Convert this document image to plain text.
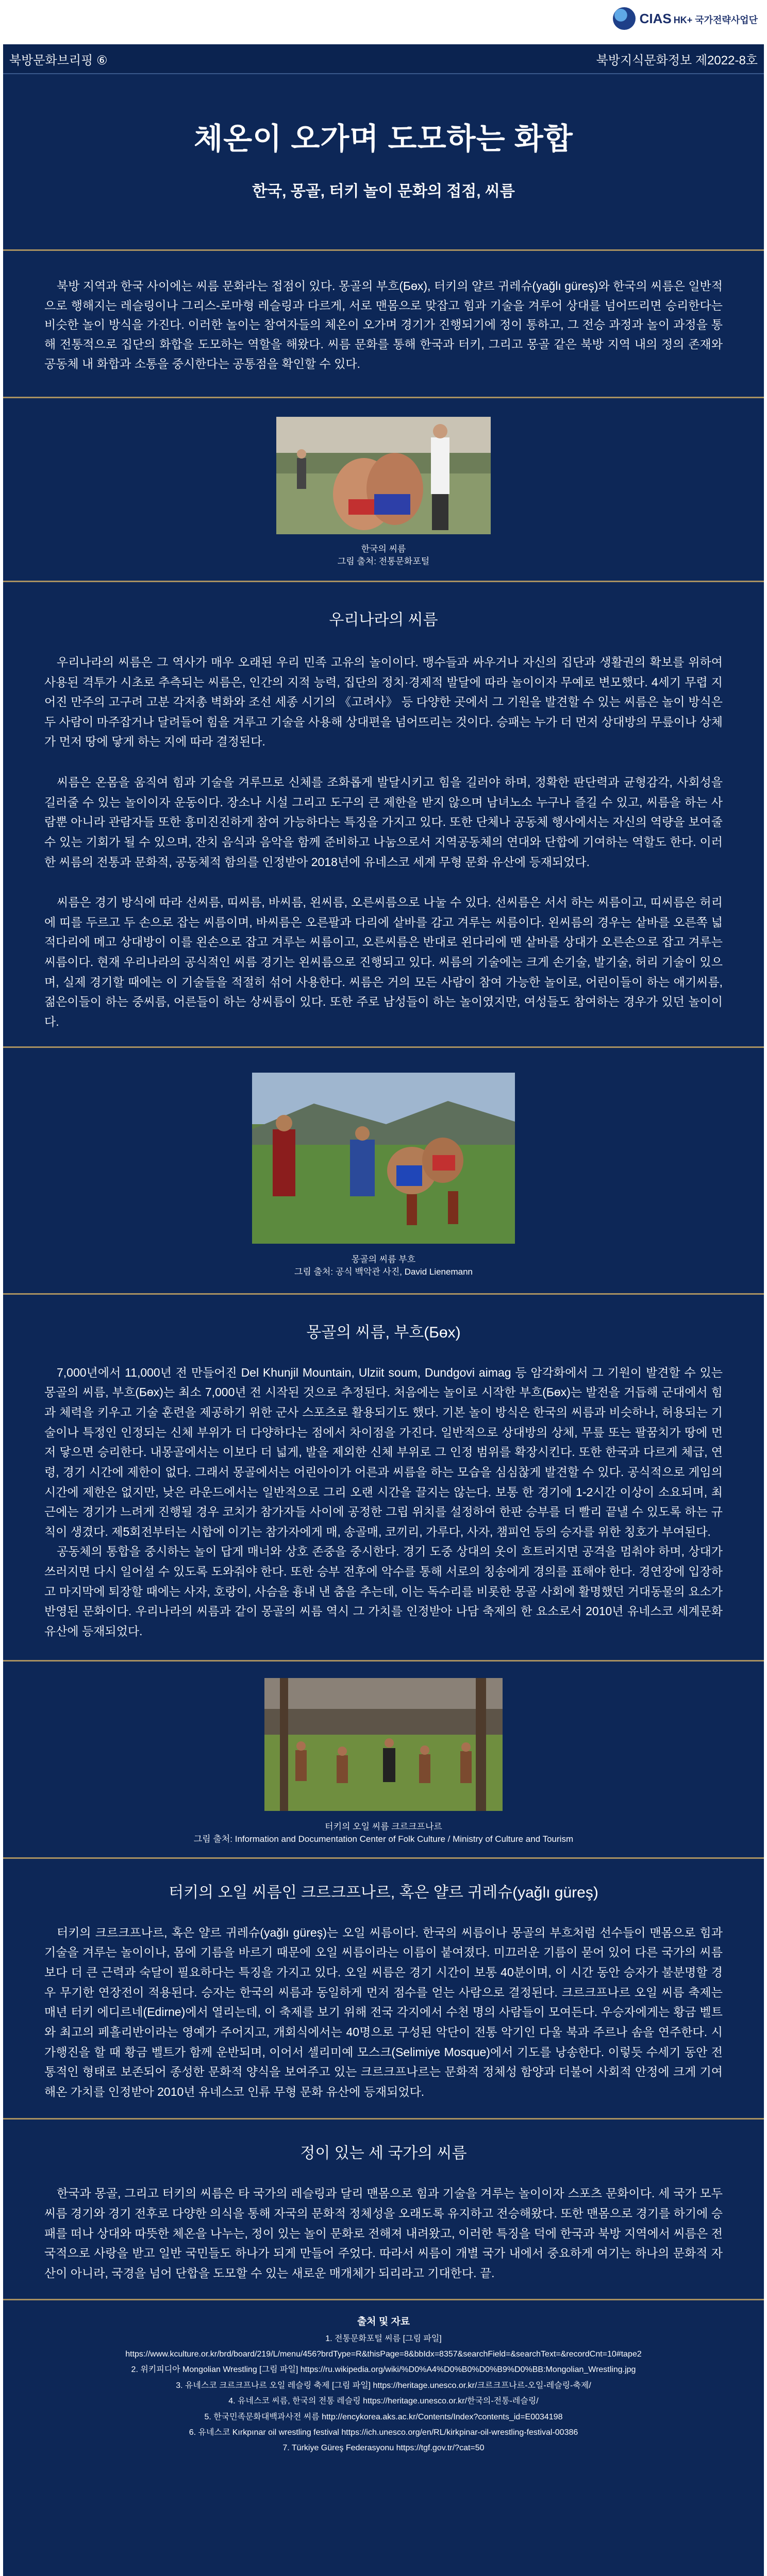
CIAS HK+ 국가전략사업단
북방문화브리핑 ⑥	북방지식문화정보 제2022-8호
체온이 오가며 도모하는 화합
한국, 몽골, 터키 놀이 문화의 접점, 씨름

북방 지역과 한국 사이에는 씨름 문화라는 접점이 있다. 몽골의 부흐(Бөх), 터키의 얄르 귀레슈(yağlı güreş)와 한국의 씨름은 일반적으로 행해지는 레슬링이나 그리스-로마형 레슬링과 다르게, 서로 맨몸으로 맞잡고 힘과 기술을 겨루어 상대를 넘어뜨리면 승리한다는 비슷한 놀이 방식을 가진다. 이러한 놀이는 참여자들의 체온이 오가며 경기가 진행되기에 정이 통하고, 그 전승 과정과 놀이 과정을 통해 전통적으로 집단의 화합을 도모하는 역할을 해왔다. 씨름 문화를 통해 한국과 터키, 그리고 몽골 같은 북방 지역 내의 정의 존재와 공동체 내 화합과 소통을 중시한다는 공통점을 확인할 수 있다.

한국의 씨름
그림 출처: 전통문화포털
우리나라의 씨름

우리나라의 씨름은 그 역사가 매우 오래된 우리 민족 고유의 놀이이다. 맹수들과 싸우거나 자신의 집단과 생활권의 확보를 위하여 사용된 격투가 시초로 추측되는 씨름은, 인간의 지적 능력, 집단의 정치·경제적 발달에 따라 놀이이자 무예로 변모했다. 4세기 무렵 지어진 만주의 고구려 고분 각저총 벽화와 조선 세종 시기의 《고려사》 등 다양한 곳에서 그 기원을 발견할 수 있는 씨름은 놀이 방식은 두 사람이 마주잡거나 달려들어 힘을 겨루고 기술을 사용해 상대편을 넘어뜨리는 것이다. 승패는 누가 더 먼저 상대방의 무릎이나 상체가 먼저 땅에 닿게 하는 지에 따라 결정된다.

씨름은 온몸을 움직여 힘과 기술을 겨루므로 신체를 조화롭게 발달시키고 힘을 길러야 하며, 정확한 판단력과 균형감각, 사회성을 길러줄 수 있는 놀이이자 운동이다. 장소나 시설 그리고 도구의 큰 제한을 받지 않으며 남녀노소 누구나 즐길 수 있고, 씨름을 하는 사람뿐 아니라 관람자들 또한 흥미진진하게 참여 가능하다는 특징을 가지고 있다. 또한 단체나 공동체 행사에서는 자신의 역량을 보여줄 수 있는 기회가 될 수 있으며, 잔치 음식과 음악을 함께 준비하고 나눔으로서 지역공동체의 연대와 단합에 기여하는 역할도 한다. 이러한 씨름의 전통과 문화적, 공동체적 함의를 인정받아 2018년에 유네스코 세계 무형 문화 유산에 등재되었다.

씨름은 경기 방식에 따라 선씨름, 띠씨름, 바씨름, 왼씨름, 오른씨름으로 나눌 수 있다. 선씨름은 서서 하는 씨름이고, 띠씨름은 허리에 띠를 두르고 두 손으로 잡는 씨름이며, 바씨름은 오른팔과 다리에 샅바를 감고 겨루는 씨름이다. 왼씨름의 경우는 샅바를 오른쪽 넓적다리에 메고 상대방이 이를 왼손으로 잡고 겨루는 씨름이고, 오른씨름은 반대로 왼다리에 맨 샅바를 상대가 오른손으로 잡고 겨루는 씨름이다. 현재 우리나라의 공식적인 씨름 경기는 왼씨름으로 진행되고 있다. 씨름의 기술에는 크게 손기술, 발기술, 허리 기술이 있으며, 실제 경기할 때에는 이 기술들을 적절히 섞어 사용한다. 씨름은 거의 모든 사람이 참여 가능한 놀이로, 어린이들이 하는 애기씨름, 젊은이들이 하는 중씨름, 어른들이 하는 상씨름이 있다. 또한 주로 남성들이 하는 놀이였지만, 여성들도 참여하는 경우가 있던 놀이이다.

몽골의 씨름 부흐
그림 출처: 공식 백악관 사진, David Lienemann
몽골의 씨름, 부흐(Бөх)

7,000년에서 11,000년 전 만들어진 Del Khunjil Mountain, Ulziit soum, Dundgovi aimag 등 암각화에서 그 기원이 발견할 수 있는 몽골의 씨름, 부흐(Бөх)는 최소 7,000년 전 시작된 것으로 추정된다. 처음에는 놀이로 시작한 부흐(Бөх)는 발전을 거듭해 군대에서 힘과 체력을 키우고 기술 훈련을 제공하기 위한 군사 스포츠로 활용되기도 했다. 기본 놀이 방식은 한국의 씨름과 비슷하나, 허용되는 기술이나 특정인 인정되는 신체 부위가 더 다양하다는 점에서 차이점을 가진다. 일반적으로 상대방의 상체, 무릎 또는 팔꿈치가 땅에 먼저 닿으면 승리한다. 내몽골에서는 이보다 더 넓게, 발을 제외한 신체 부위로 그 인정 범위를 확장시킨다. 또한 한국과 다르게 체급, 연령, 경기 시간에 제한이 없다. 그래서 몽골에서는 어린아이가 어른과 씨름을 하는 모습을 심심찮게 발견할 수 있다. 공식적으로 게임의 시간에 제한은 없지만, 낮은 라운드에서는 일반적으로 그리 오랜 시간을 끌지는 않는다. 보통 한 경기에 1-2시간 이상이 소요되며, 최근에는 경기가 느려게 진행될 경우 코치가 참가자들 사이에 공정한 그립 위치를 설정하여 한판 승부를 더 빨리 끝낼 수 있도록 하는 규칙이 생겼다. 제5회전부터는 시합에 이기는 참가자에게 매, 송골매, 코끼리, 가루다, 사자, 챔피언 등의 승자를 위한 칭호가 부여된다.

공동체의 통합을 중시하는 놀이 답게 매너와 상호 존중을 중시한다. 경기 도중 상대의 옷이 흐트러지면 공격을 멈춰야 하며, 상대가 쓰러지면 다시 일어설 수 있도록 도와줘야 한다. 또한 승부 전후에 악수를 통해 서로의 칭송에게 경의를 표해야 한다. 경연장에 입장하고 마지막에 퇴장할 때에는 사자, 호랑이, 사슴을 흉내 낸 춤을 추는데, 이는 독수리를 비롯한 몽골 사회에 활명했던 거대동물의 요소가 반영된 문화이다. 우리나라의 씨름과 같이 몽골의 씨름 역시 그 가치를 인정받아 나담 축제의 한 요소로서 2010년 유네스코 세계문화유산에 등재되었다.

터키의 오일 씨름 크르크프나르
그림 출처: Information and Documentation Center of Folk Culture / Ministry of Culture and Tourism
터키의 오일 씨름인 크르크프나르, 혹은 얄르 귀레슈(yağlı güreş)

터키의 크르크프나르, 혹은 얄르 귀레슈(yağlı güreş)는 오일 씨름이다. 한국의 씨름이나 몽골의 부흐처럼 선수들이 맨몸으로 힘과 기술을 겨루는 놀이이나, 몸에 기름을 바르기 때문에 오일 씨름이라는 이름이 붙여졌다. 미끄러운 기름이 묻어 있어 다른 국가의 씨름보다 더 큰 근력과 숙달이 필요하다는 특징을 가지고 있다. 오일 씨름은 경기 시간이 보통 40분이며, 이 시간 동안 승자가 불분명할 경우 무기한 연장전이 적용된다. 승자는 한국의 씨름과 동일하게 먼저 점수를 얻는 사람으로 결정된다. 크르크프나르 오일 씨름 축제는 매년 터키 에디르네(Edirne)에서 열리는데, 이 축제를 보기 위해 전국 각지에서 수천 명의 사람들이 모여든다. 우승자에게는 황금 벨트와 최고의 페흘리반이라는 영예가 주어지고, 개회식에서는 40명으로 구성된 악단이 전통 악기인 다울 북과 주르나 솜을 연주한다. 시가행진을 할 때 황금 벨트가 함께 운반되며, 이어서 셀리미예 모스크(Selimiye Mosque)에서 기도를 낭송한다. 이렇듯 수세기 동안 전통적인 형태로 보존되어 종성한 문화적 양식을 보여주고 있는 크르크프나르는 문화적 정체성 함양과 더불어 사회적 안정에 크게 기여해온 가치를 인정받아 2010년 유네스코 인류 무형 문화 유산에 등재되었다.

정이 있는 세 국가의 씨름

한국과 몽골, 그리고 터키의 씨름은 타 국가의 레슬링과 달리 맨몸으로 힘과 기술을 겨루는 놀이이자 스포츠 문화이다. 세 국가 모두 씨름 경기와 경기 전후로 다양한 의식을 통해 자국의 문화적 정체성을 오래도록 유지하고 전승해왔다. 또한 맨몸으로 경기를 하기에 승패를 떠나 상대와 따뜻한 체온을 나누는, 정이 있는 놀이 문화로 전해져 내려왔고, 이러한 특징을 덕에 한국과 북방 지역에서 씨름은 전국적으로 사랑을 받고 일반 국민들도 하나가 되게 만들어 주었다. 따라서 씨름이 개별 국가 내에서 중요하게 여기는 하나의 문화적 자산이 아니라, 국경을 넘어 단합을 도모할 수 있는 새로운 매개체가 되리라고 기대한다. 끝.

출처 및 자료
1. 전통문화포털 씨름 [그림 파일]
https://www.kculture.or.kr/brd/board/219/L/menu/456?brdType=R&thisPage=8&bbIdx=8357&searchField=&searchText=&recordCnt=10#tape2
2. 위키피디아 Mongolian Wrestling [그림 파일] https://ru.wikipedia.org/wiki/%D0%A4%D0%B0%D0%B9%D0%BB:Mongolian_Wrestling.jpg
3. 유네스코 크르크프나르 오일 레슬링 축제 [그림 파일] https://heritage.unesco.or.kr/크르크프나르-오일-레슬링-축제/
4. 유네스코 씨름, 한국의 전통 레슬링 https://heritage.unesco.or.kr/한국의-전통-레슬링/
5. 한국민족문화대백과사전 씨름 http://encykorea.aks.ac.kr/Contents/Index?contents_id=E0034198
6. 유네스코 Kırkpınar oil wrestling festival https://ich.unesco.org/en/RL/kirkpinar-oil-wrestling-festival-00386
7. Türkiye Güreş Federasyonu https://tgf.gov.tr/?cat=50
